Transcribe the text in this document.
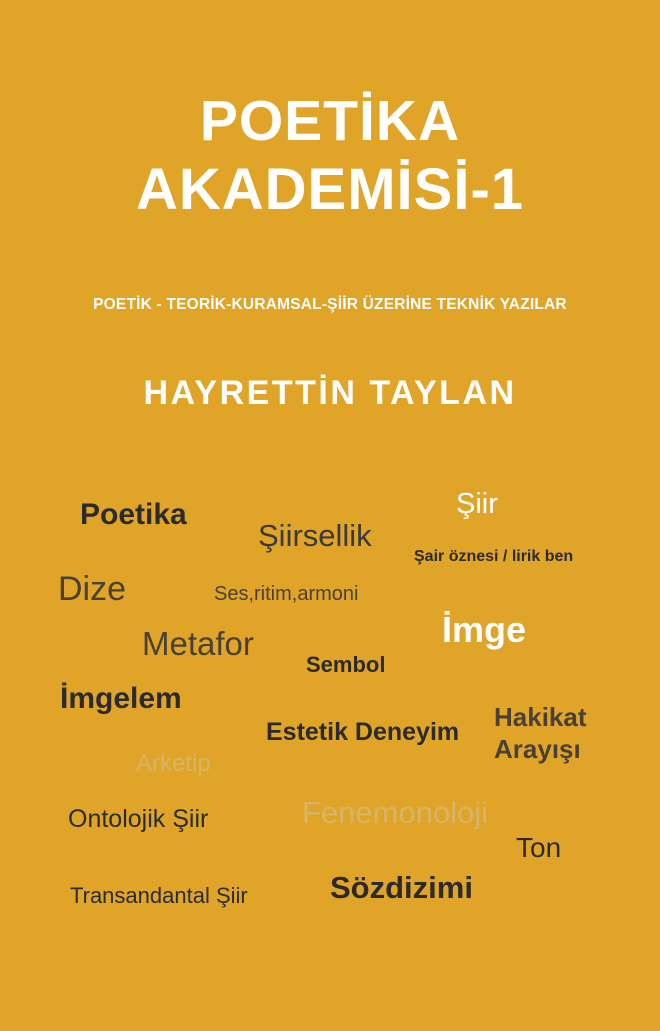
POETİKA
AKADEMİSİ-1
POETİK - TEORİK-KURAMSAL-ŞİİR ÜZERİNE TEKNİK YAZILAR
HAYRETTİN TAYLAN
Poetika
Şiirsellik
Şiir
Şair öznesi / lirik ben
Dize	Ses,ritim,armoni
Metafor	İmge
Sembol
İmgelem
Estetik Deneyim Hakikat
Arayışı
Arketip
Fenemonoloji
Ontolojik Şiir
Ton
Sözdizimi
Transandantal Şiir
